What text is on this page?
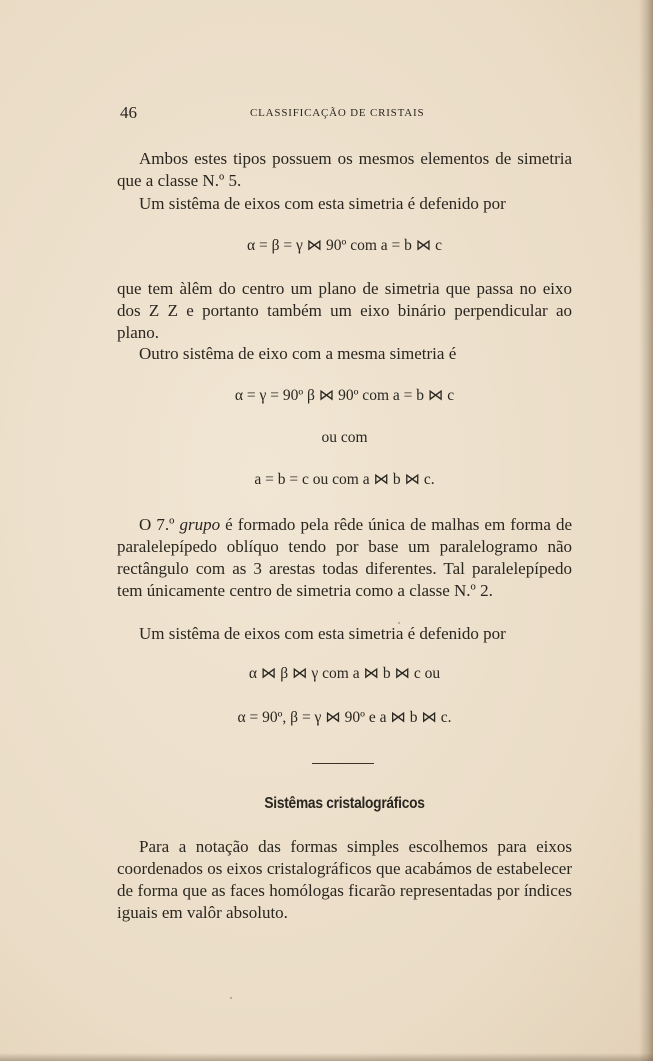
46	CLASSIFICAÇÃO DE CRISTAIS

Ambos estes tipos possuem os mesmos elementos de simetria que a classe N.º 5.

Um sistêma de eixos com esta simetria é defenido por

α = β = γ ⋈ 90º com a = b ⋈ c

que tem àlêm do centro um plano de simetria que passa no eixo dos Z Z e portanto também um eixo binário perpendicular ao plano.

Outro sistêma de eixo com a mesma simetria é

α = γ = 90º β ⋈ 90º com a = b ⋈ c

ou com

a = b = c ou com a ⋈ b ⋈ c.

O 7.º grupo é formado pela rêde única de malhas em forma de paralelepípedo oblíquo tendo por base um paralelogramo não rectângulo com as 3 arestas todas diferentes. Tal paralelepípedo tem únicamente centro de simetria como a classe N.º 2.

Um sistêma de eixos com esta simetria é defenido por

α ⋈ β ⋈ γ com a ⋈ b ⋈ c ou

α = 90º, β = γ ⋈ 90º e a ⋈ b ⋈ c.

Sistêmas cristalográficos

Para a notação das formas simples escolhemos para eixos coordenados os eixos cristalográficos que acabámos de estabelecer de forma que as faces homólogas ficarão representadas por índices iguais em valôr absoluto.
